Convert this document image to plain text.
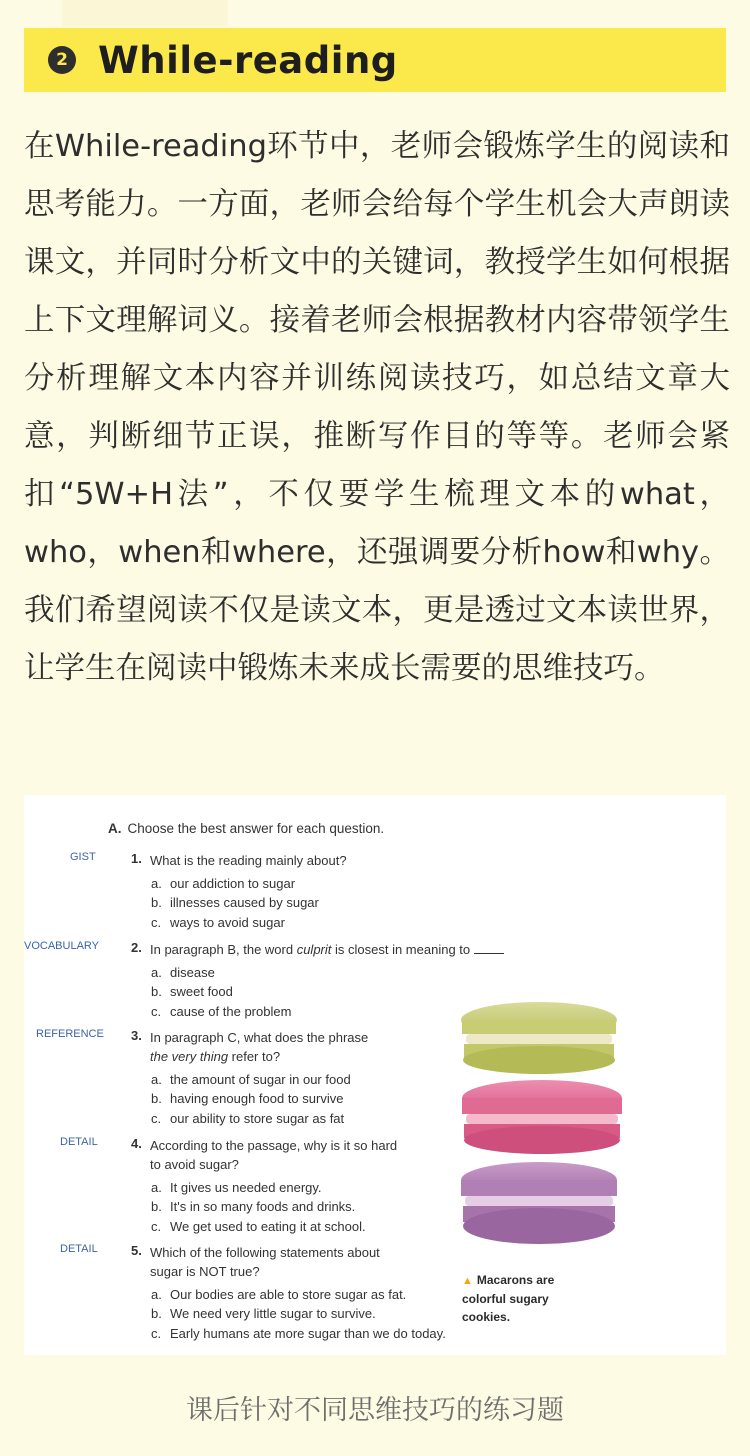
2 While-reading

在While-reading环节中，老师会锻炼学生的阅读和思考能力。一方面，老师会给每个学生机会大声朗读课文，并同时分析文中的关键词，教授学生如何根据上下文理解词义。接着老师会根据教材内容带领学生分析理解文本内容并训练阅读技巧，如总结文章大意，判断细节正误，推断写作目的等等。老师会紧扣“5W+H法”，不仅要学生梳理文本的what，who，when和where，还强调要分析how和why。我们希望阅读不仅是读文本，更是透过文本读世界，让学生在阅读中锻炼未来成长需要的思维技巧。

A. Choose the best answer for each question.
GIST	1. What is the reading mainly about?
a. our addiction to sugar
b. illnesses caused by sugar
c. ways to avoid sugar
VOCABULARY 2. In paragraph B, the word culprit is closest in meaning to
a. disease
b. sweet food
c. cause of the problem
REFERENCE 3. In paragraph C, what does the phrase
the very thing refer to?
a. the amount of sugar in our food
b. having enough food to survive
c. our ability to store sugar as fat
DETAIL	4. According to the passage, why is it so hard
to avoid sugar?
a. It gives us needed energy.
b. It's in so many foods and drinks.
c. We get used to eating it at school.
DETAIL	5. Which of the following statements about
sugar is NOT true?
a. Our bodies are able to store sugar as fat.
b. We need very little sugar to survive.
c. Early humans ate more sugar than we do today.
▲ Macarons are colorful sugary cookies.
课后针对不同思维技巧的练习题
